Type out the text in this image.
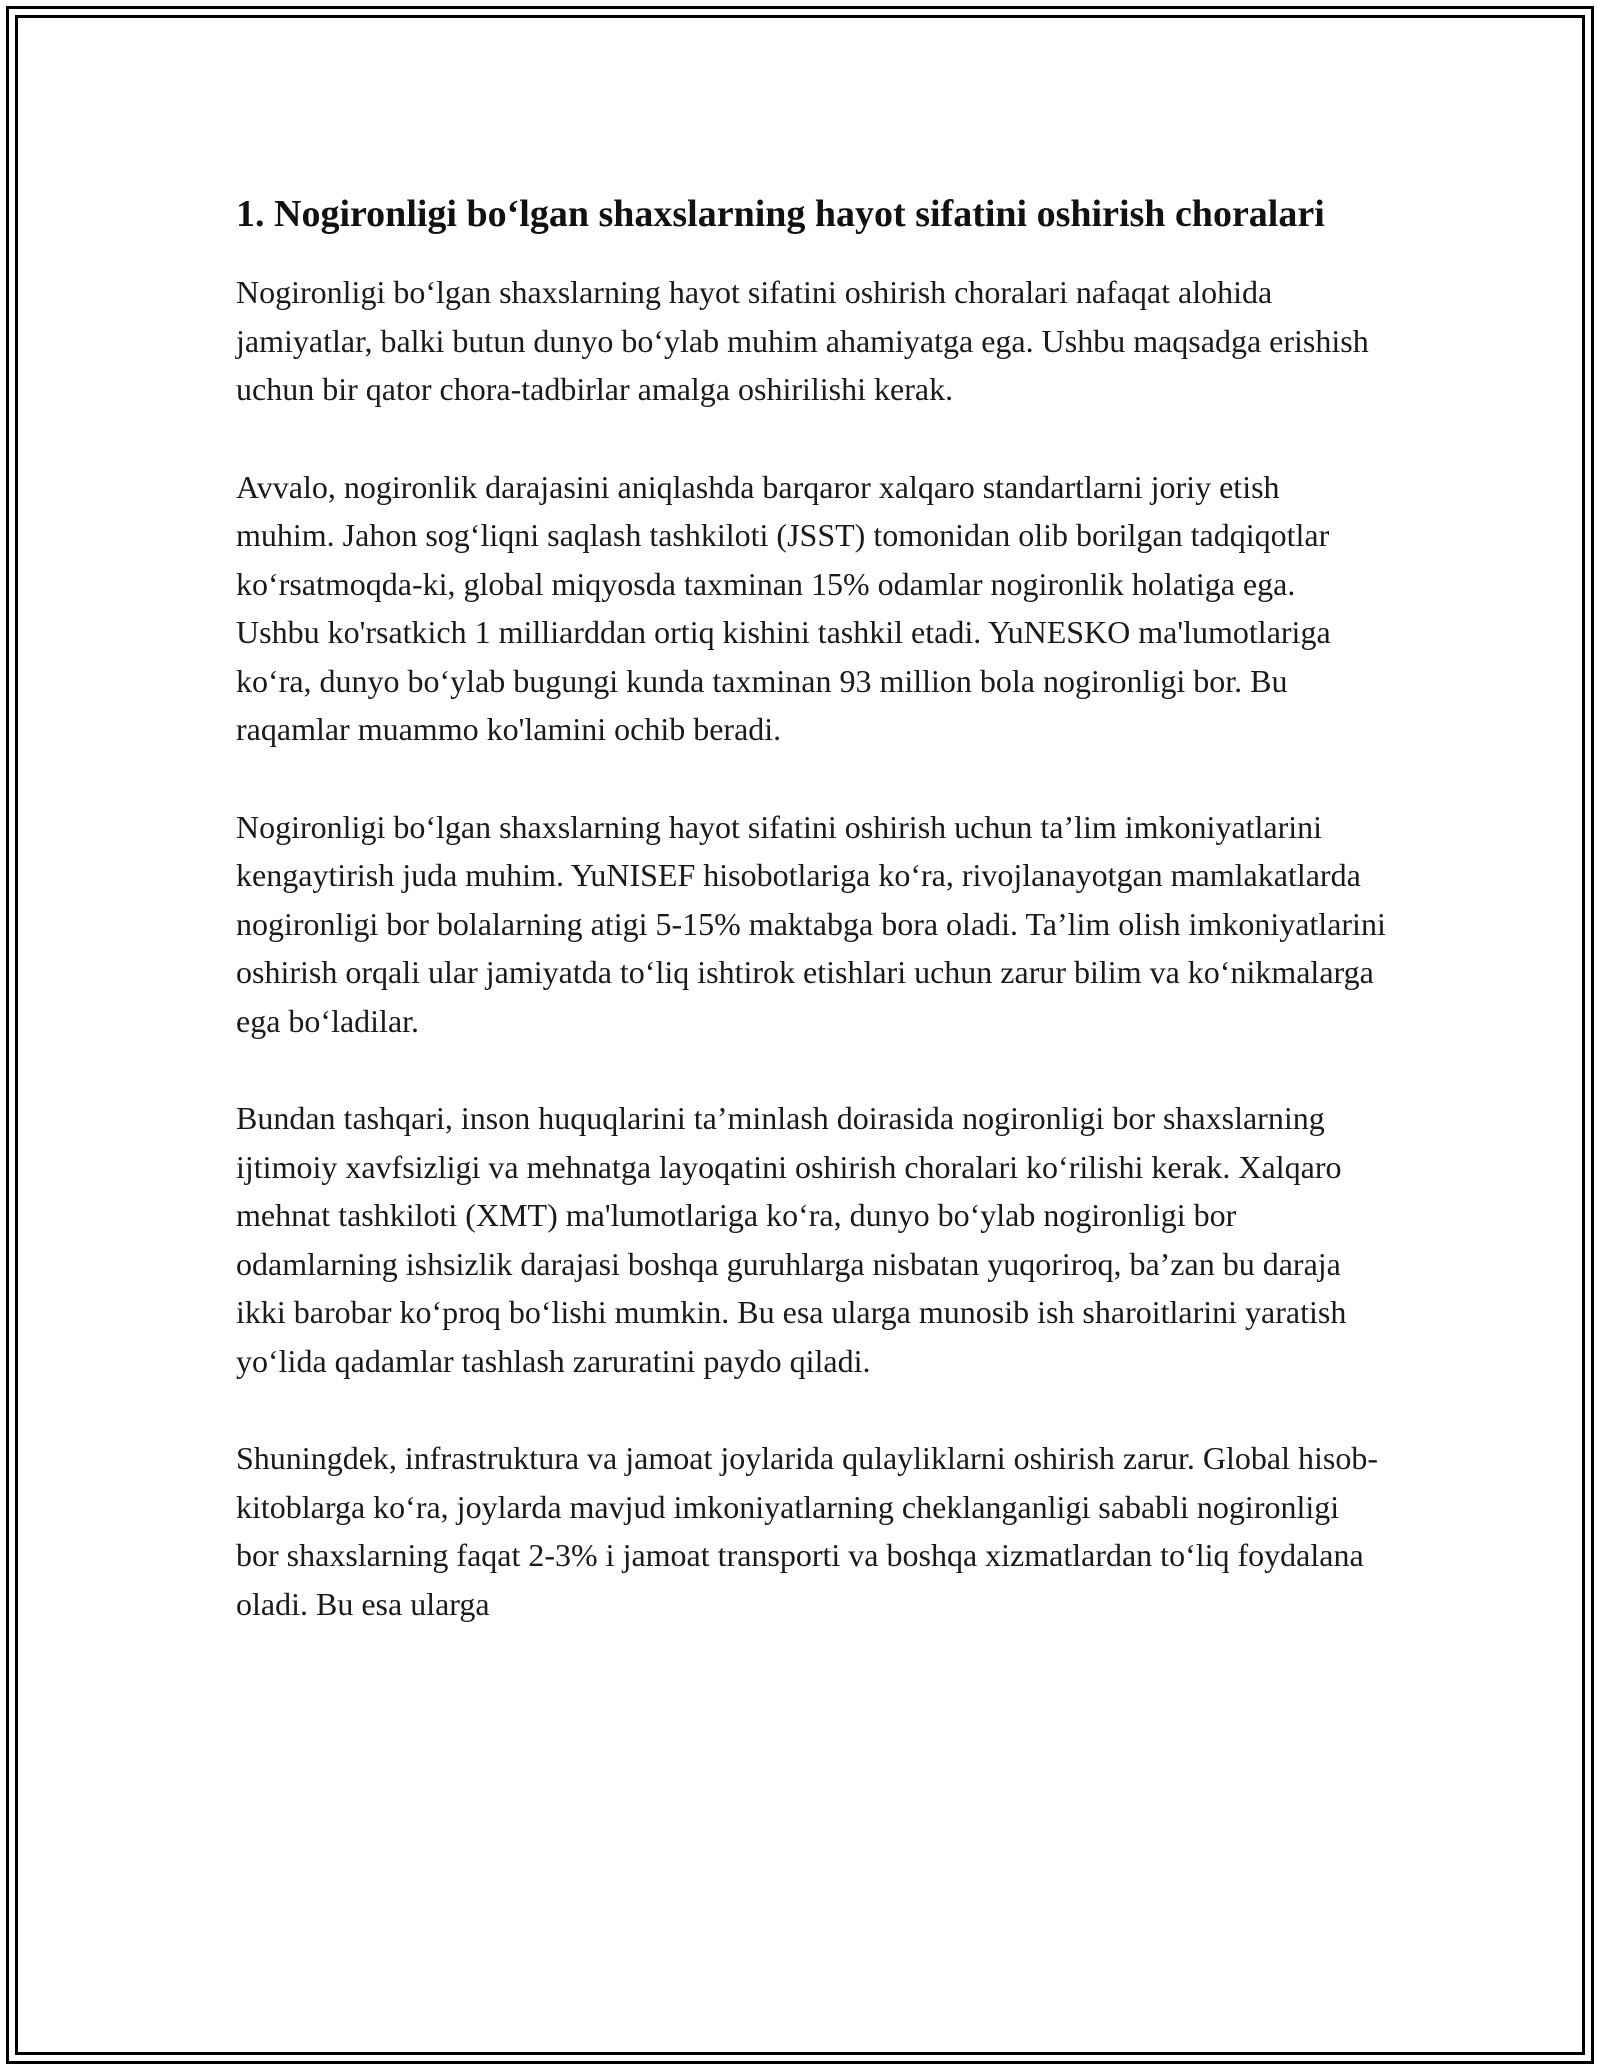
1. Nogironligi bo‘lgan shaxslarning hayot sifatini oshirish choralari

Nogironligi bo‘lgan shaxslarning hayot sifatini oshirish choralari nafaqat alohida jamiyatlar, balki butun dunyo bo‘ylab muhim ahamiyatga ega. Ushbu maqsadga erishish uchun bir qator chora-tadbirlar amalga oshirilishi kerak.

Avvalo, nogironlik darajasini aniqlashda barqaror xalqaro standartlarni joriy etish muhim. Jahon sog‘liqni saqlash tashkiloti (JSST) tomonidan olib borilgan tadqiqotlar ko‘rsatmoqda-ki, global miqyosda taxminan 15% odamlar nogironlik holatiga ega. Ushbu ko'rsatkich 1 milliarddan ortiq kishini tashkil etadi. YuNESKO ma'lumotlariga ko‘ra, dunyo bo‘ylab bugungi kunda taxminan 93 million bola nogironligi bor. Bu raqamlar muammo ko'lamini ochib beradi.

Nogironligi bo‘lgan shaxslarning hayot sifatini oshirish uchun ta’lim imkoniyatlarini kengaytirish juda muhim. YuNISEF hisobotlariga ko‘ra, rivojlanayotgan mamlakatlarda nogironligi bor bolalarning atigi 5-15% maktabga bora oladi. Ta’lim olish imkoniyatlarini oshirish orqali ular jamiyatda to‘liq ishtirok etishlari uchun zarur bilim va ko‘nikmalarga ega bo‘ladilar.

Bundan tashqari, inson huquqlarini ta’minlash doirasida nogironligi bor shaxslarning ijtimoiy xavfsizligi va mehnatga layoqatini oshirish choralari ko‘rilishi kerak. Xalqaro mehnat tashkiloti (XMT) ma'lumotlariga ko‘ra, dunyo bo‘ylab nogironligi bor odamlarning ishsizlik darajasi boshqa guruhlarga nisbatan yuqoriroq, ba’zan bu daraja ikki barobar ko‘proq bo‘lishi mumkin. Bu esa ularga munosib ish sharoitlarini yaratish yo‘lida qadamlar tashlash zaruratini paydo qiladi.

Shuningdek, infrastruktura va jamoat joylarida qulayliklarni oshirish zarur. Global hisob-kitoblarga ko‘ra, joylarda mavjud imkoniyatlarning cheklanganligi sababli nogironligi bor shaxslarning faqat 2-3% i jamoat transporti va boshqa xizmatlardan to‘liq foydalana oladi. Bu esa ularga
